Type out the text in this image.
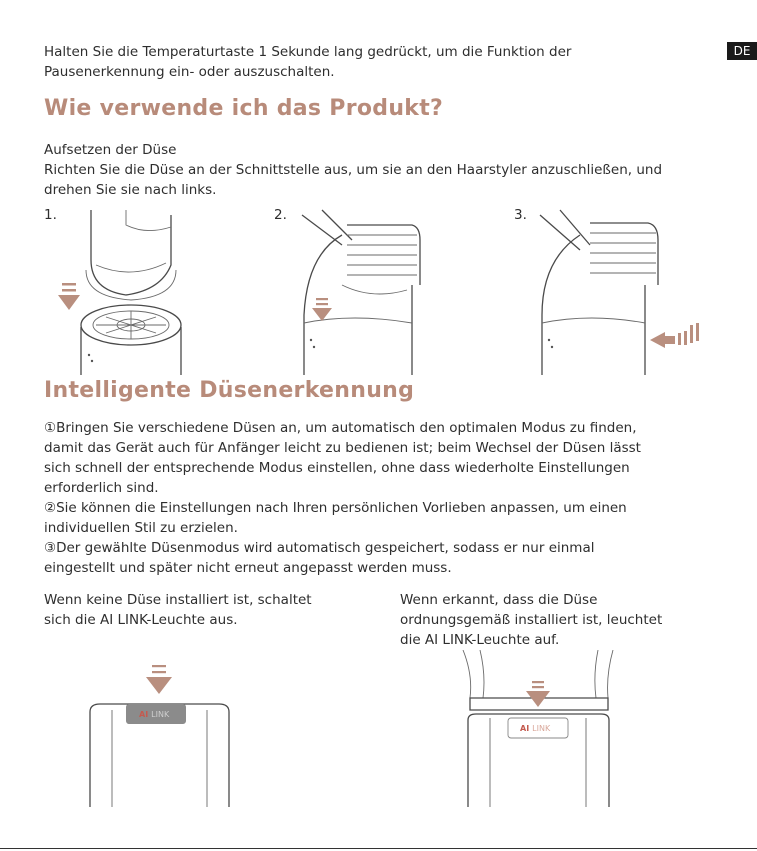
Halten Sie die Temperaturtaste 1 Sekunde lang gedrückt, um die Funktion der
Pausenerkennung ein- oder auszuschalten.
DE
Wie verwende ich das Produkt?
Aufsetzen der Düse
Richten Sie die Düse an der Schnittstelle aus, um sie an den Haarstyler anzuschließen, und
drehen Sie sie nach links.
1.	2.	3.
Intelligente Düsenerkennung
①Bringen Sie verschiedene Düsen an, um automatisch den optimalen Modus zu finden,
damit das Gerät auch für Anfänger leicht zu bedienen ist; beim Wechsel der Düsen lässt
sich schnell der entsprechende Modus einstellen, ohne dass wiederholte Einstellungen
erforderlich sind.
②Sie können die Einstellungen nach Ihren persönlichen Vorlieben anpassen, um einen
individuellen Stil zu erzielen.
③Der gewählte Düsenmodus wird automatisch gespeichert, sodass er nur einmal
eingestellt und später nicht erneut angepasst werden muss.
Wenn keine Düse installiert ist, schaltet
sich die AI LINK-Leuchte aus.
Wenn erkannt, dass die Düse
ordnungsgemäß installiert ist, leuchtet
die AI LINK-Leuchte auf.
AI LINK
AI LINK
